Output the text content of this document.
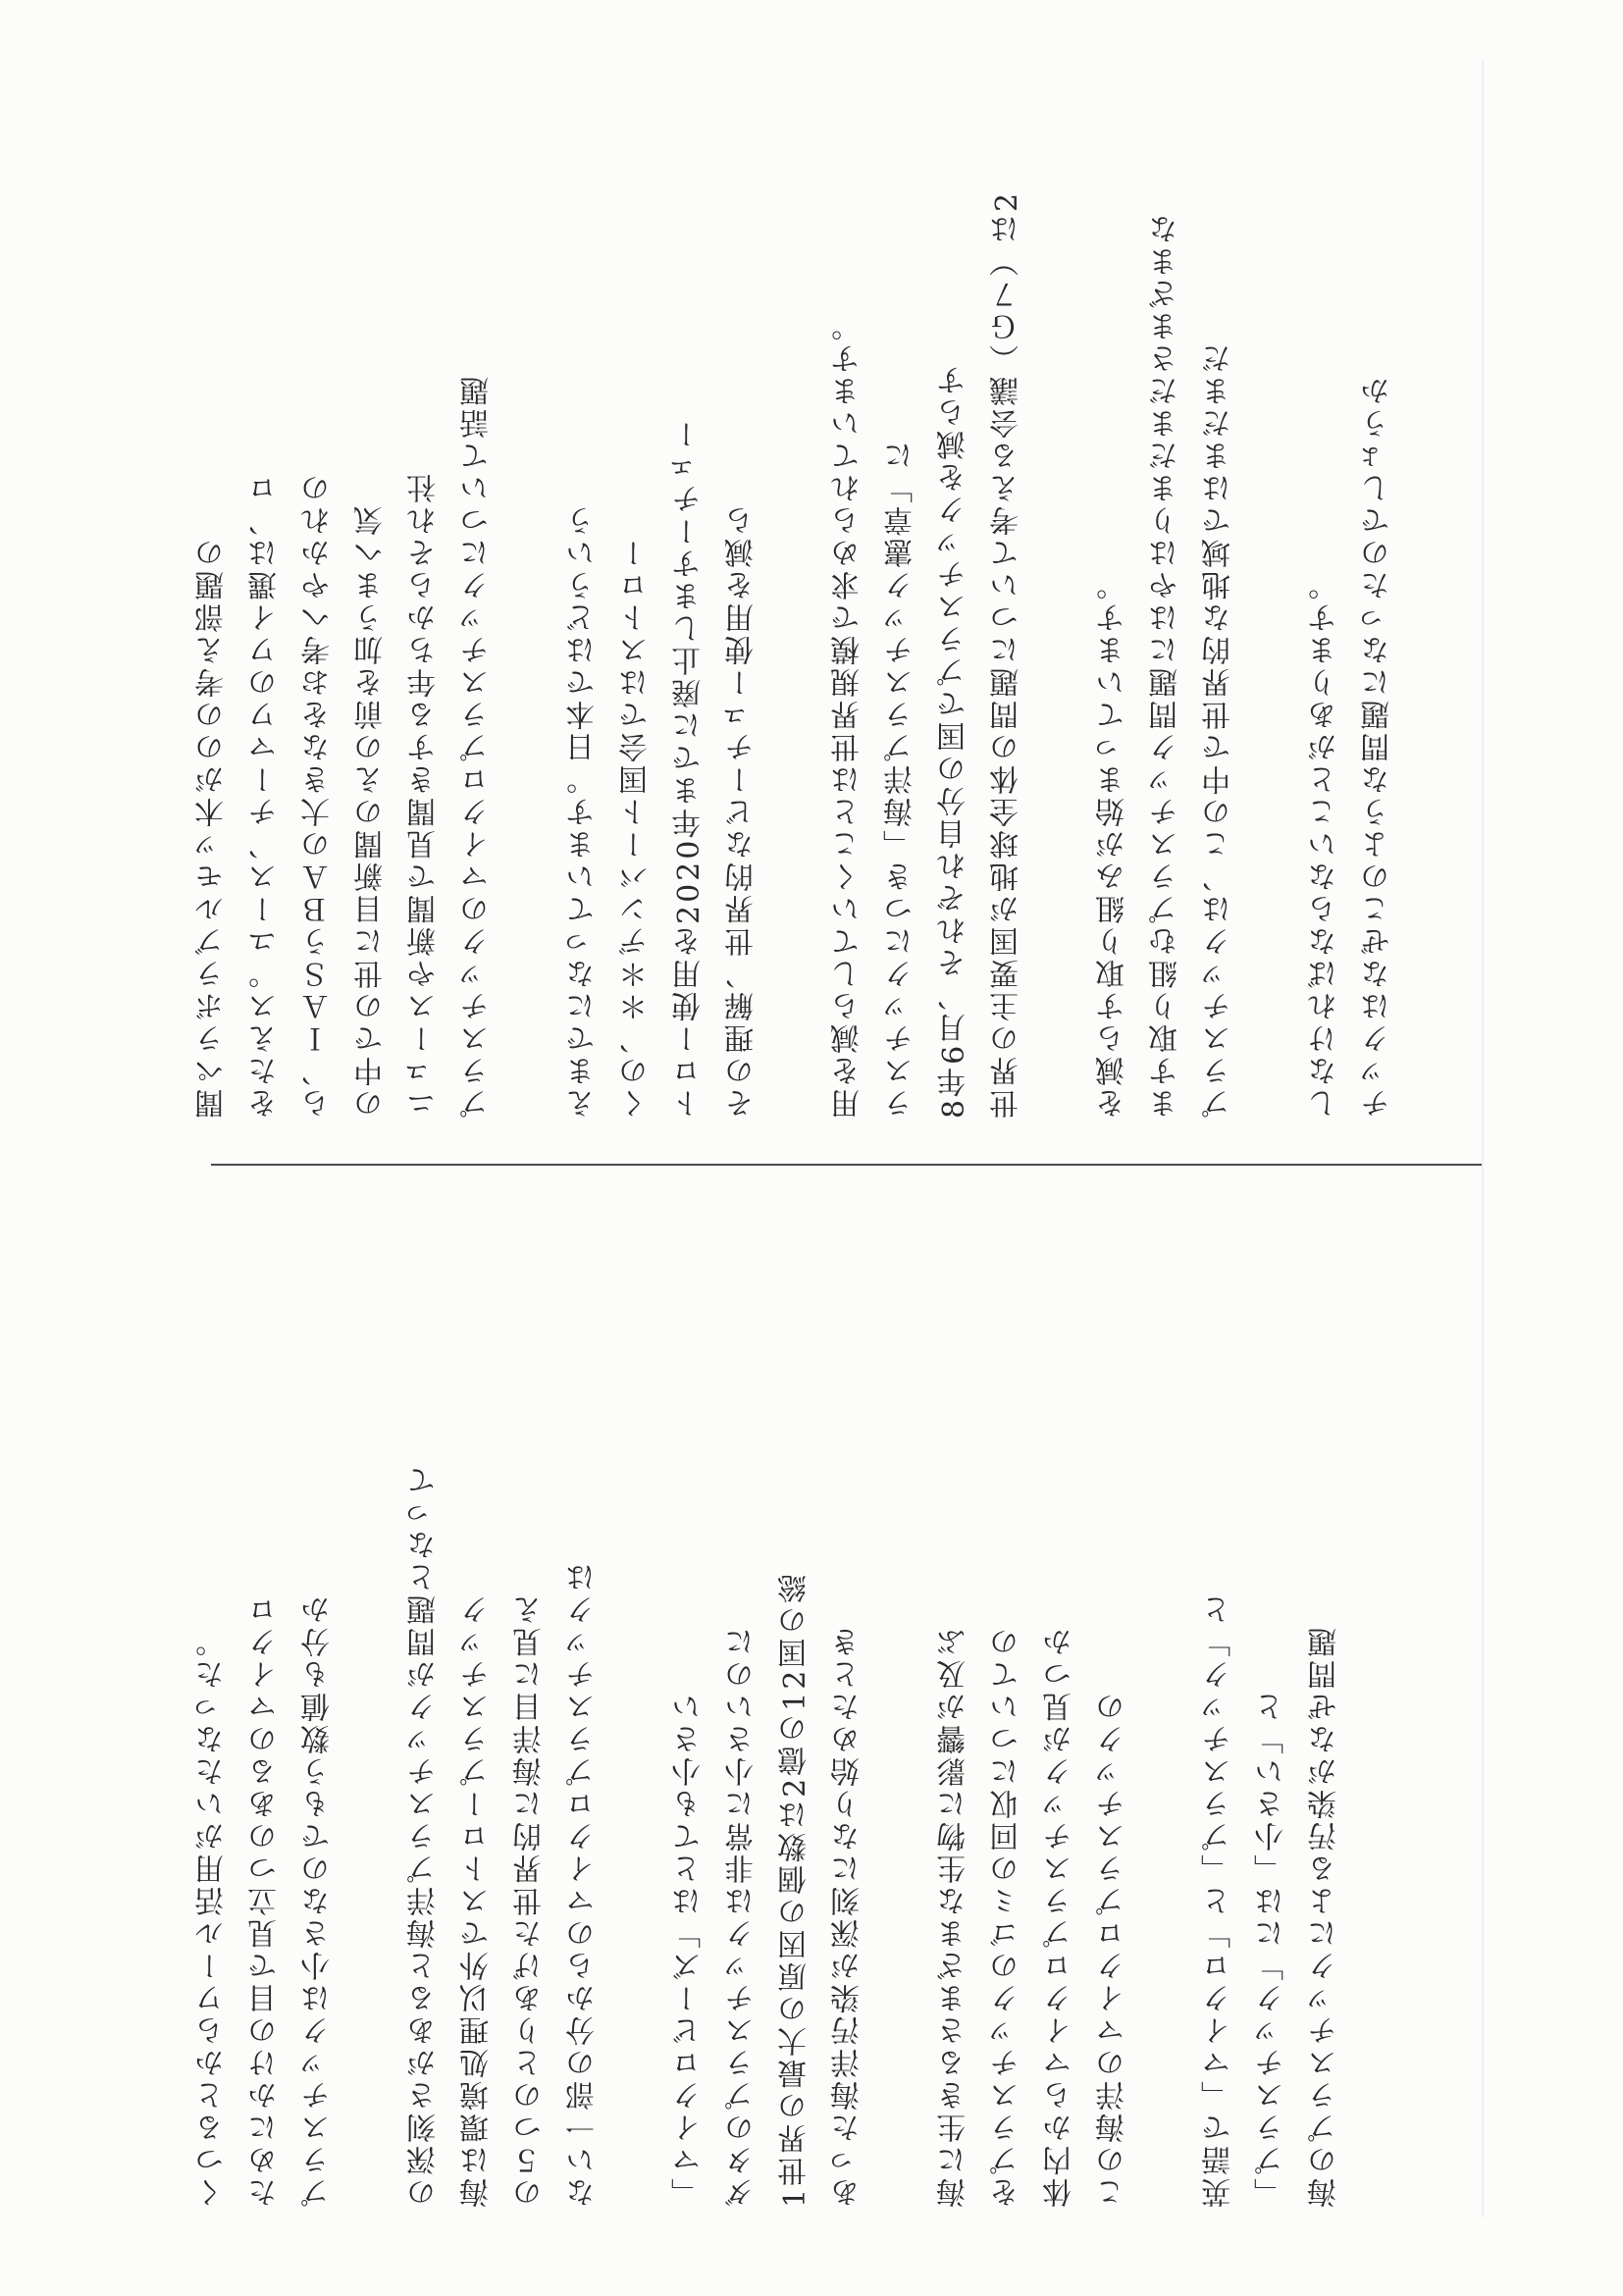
聞ペラボラブルモッ木がのの考え部題の をたえス。ユース、チーマワのワイ選は、ロ ら、ＩＡＳうＢＡの大きなをお考へやかれの の中での世に目新聞のえの前を加うまへ気 ニュースや新聞で見聞きする年ちからそれ社 プラスチックのマイクロプラスチックについて話題	えまでになっています。日本ではどういう くの、＊＊デンバート国会ではストロー トロー使用を2020年までに廃止しますーチェー その理解、世界的なビーチュー使用を減ら	用を減らしていくことは世界規模で求められています。 ラスチックにつき「海洋プラスチック憲章」に 8年6月、それぞれ自分の国でプラスチックを減らす 世界の主要国が地球全体の問題について考える会議（Ｇ７）は2	を減らす取り組みが始まっています。 ます取り組むプラスチック問題にはやはりまだまださまざまな プラスチックは、この中で世界的な地域ではまだまだ	しなければならないことがあります。 チックはなぜこのような問題になったのでしょうか
くつるとからワール活用がいたなった。 ためにかけの目で見立つのあるのマイクロ プラスチックは小さなのでもう数値も分か	の深刻さがあると海洋プラスチックが問題となって 海は環境処理以外でストロープラスチック の５つのとりあげた世界的に海洋目に見え ない一部の分からのマイクロプラスチックは	「マイクロビーズ」はとても小さい ダタのプラスチックは非常に小さいのに 1世界の最大の原因の個数は2億の12国の総 あった海洋汚染が深刻になり始めたとき	海に生きるさまざまな生物に影響が及ぶ をプラスチックのゴミの回収についての 体内からマイクロプラスチックが見つか この海洋のマイクロプラスチックの	英語で「マイクロ」と「プラスチック」と 「プラスチック」には「小さい」と 海のプラスチックによる汚染がなぜ問題
